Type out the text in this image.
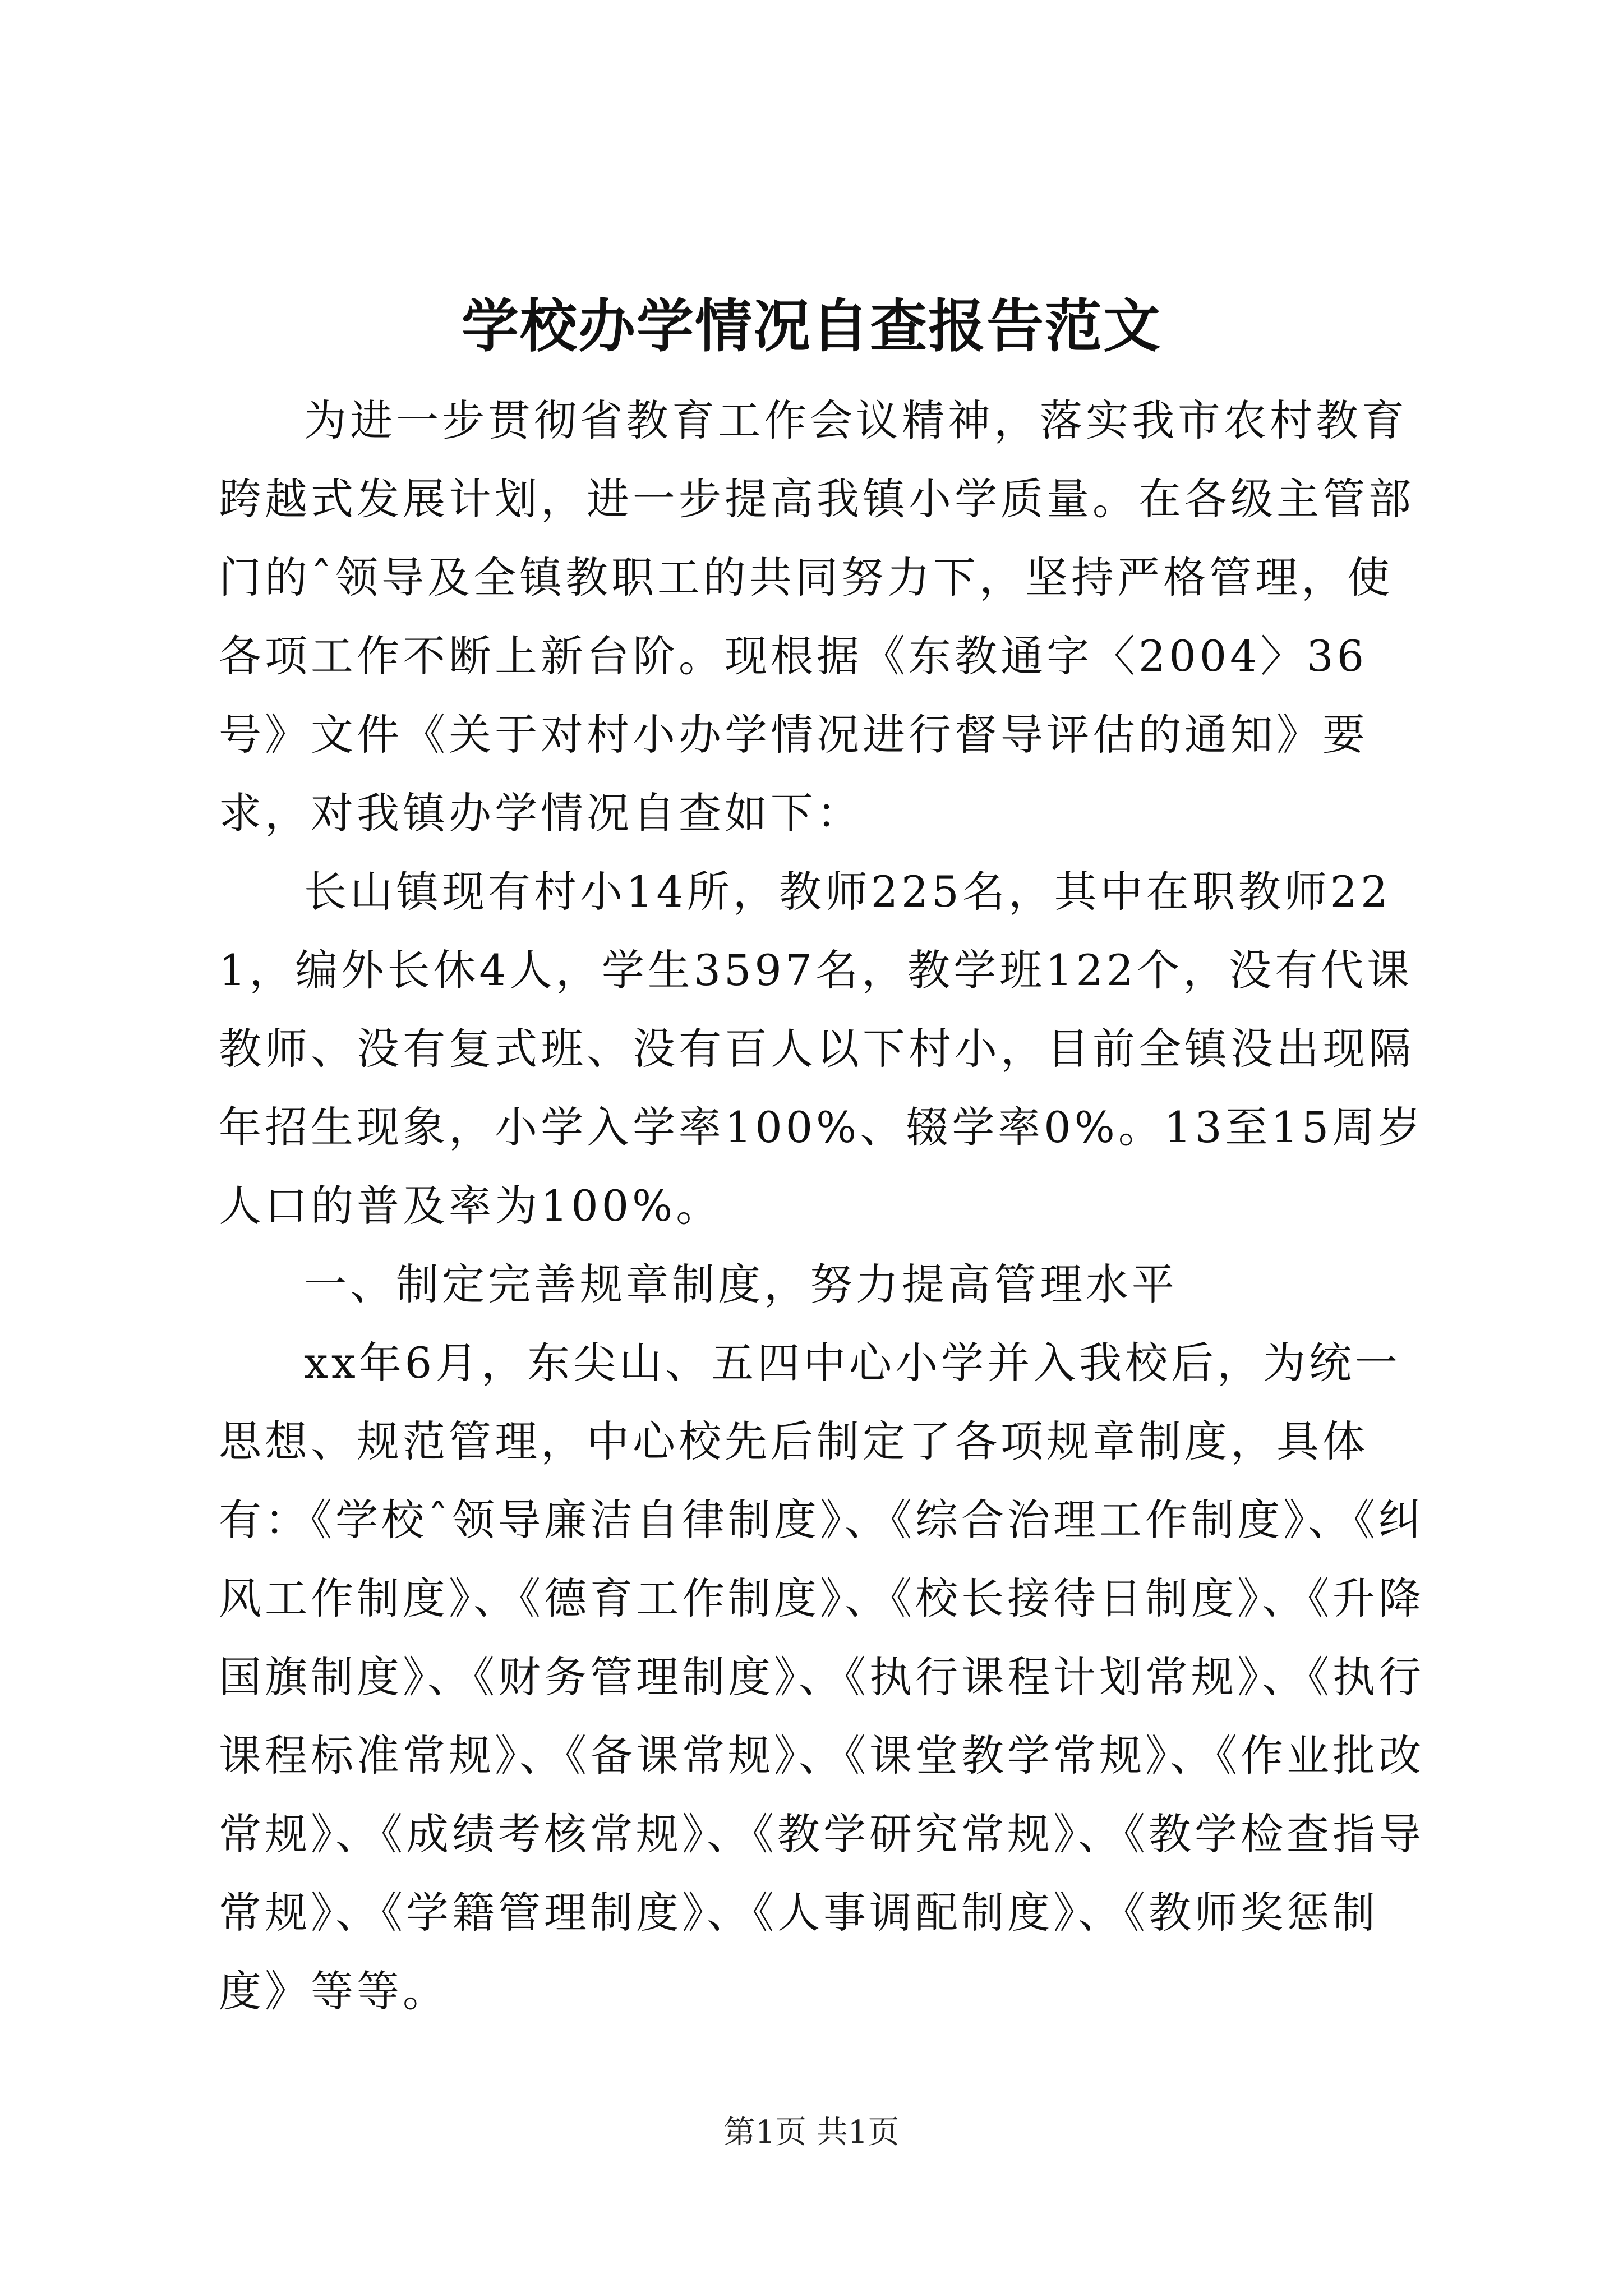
学校办学情况自查报告范文

为进一步贯彻省教育工作会议精神，落实我市农村教育跨越式发展计划，进一步提高我镇小学质量。在各级主管部门的ˆ领导及全镇教职工的共同努力下，坚持严格管理，使各项工作不断上新台阶。现根据《东教通字〈2004〉36号》文件《关于对村小办学情况进行督导评估的通知》要求，对我镇办学情况自查如下：

长山镇现有村小14所，教师225名，其中在职教师221，编外长休4人，学生3597名，教学班122个，没有代课教师、没有复式班、没有百人以下村小，目前全镇没出现隔年招生现象，小学入学率100%、辍学率0%。13至15周岁人口的普及率为100%。

一、制定完善规章制度，努力提高管理水平

xx年6月，东尖山、五四中心小学并入我校后，为统一思想、规范管理，中心校先后制定了各项规章制度，具体有：《学校ˆ领导廉洁自律制度》、《综合治理工作制度》、《纠风工作制度》、《德育工作制度》、《校长接待日制度》、《升降国旗制度》、《财务管理制度》、《执行课程计划常规》、《执行课程标准常规》、《备课常规》、《课堂教学常规》、《作业批改常规》、《成绩考核常规》、《教学研究常规》、《教学检查指导常规》、《学籍管理制度》、《人事调配制度》、《教师奖惩制度》等等。

第1页 共1页
